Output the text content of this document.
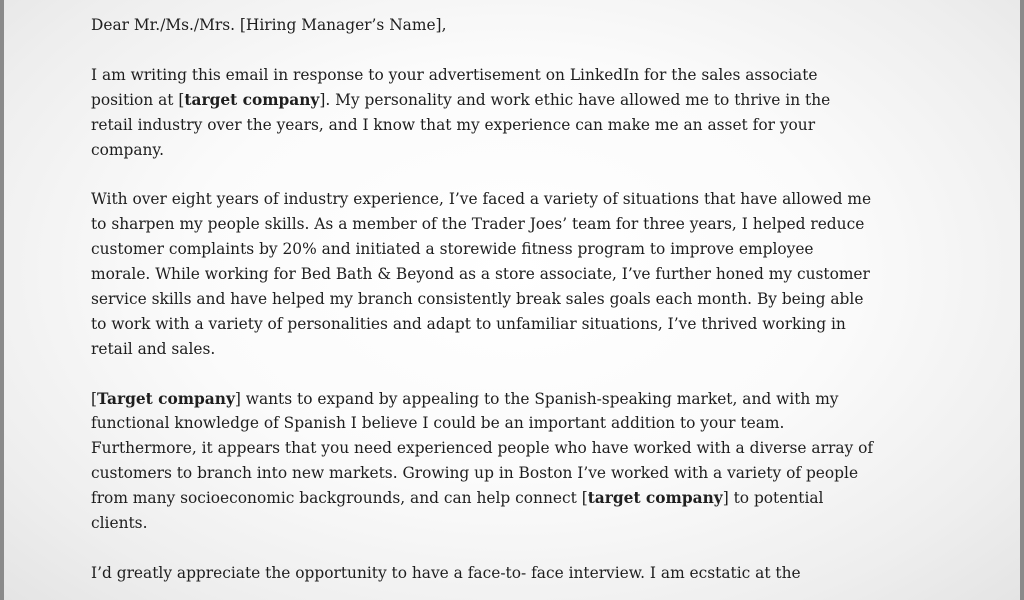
Dear Mr./Ms./Mrs. [Hiring Manager’s Name],

I am writing this email in response to your advertisement on LinkedIn for the sales associate
position at [target company]. My personality and work ethic have allowed me to thrive in the
retail industry over the years, and I know that my experience can make me an asset for your
company.

With over eight years of industry experience, I’ve faced a variety of situations that have allowed me
to sharpen my people skills. As a member of the Trader Joes’ team for three years, I helped reduce
customer complaints by 20% and initiated a storewide fitness program to improve employee
morale. While working for Bed Bath & Beyond as a store associate, I’ve further honed my customer
service skills and have helped my branch consistently break sales goals each month. By being able
to work with a variety of personalities and adapt to unfamiliar situations, I’ve thrived working in
retail and sales.

[Target company] wants to expand by appealing to the Spanish-speaking market, and with my
functional knowledge of Spanish I believe I could be an important addition to your team.
Furthermore, it appears that you need experienced people who have worked with a diverse array of
customers to branch into new markets. Growing up in Boston I’ve worked with a variety of people
from many socioeconomic backgrounds, and can help connect [target company] to potential
clients.

I’d greatly appreciate the opportunity to have a face-to- face interview. I am ecstatic at the
